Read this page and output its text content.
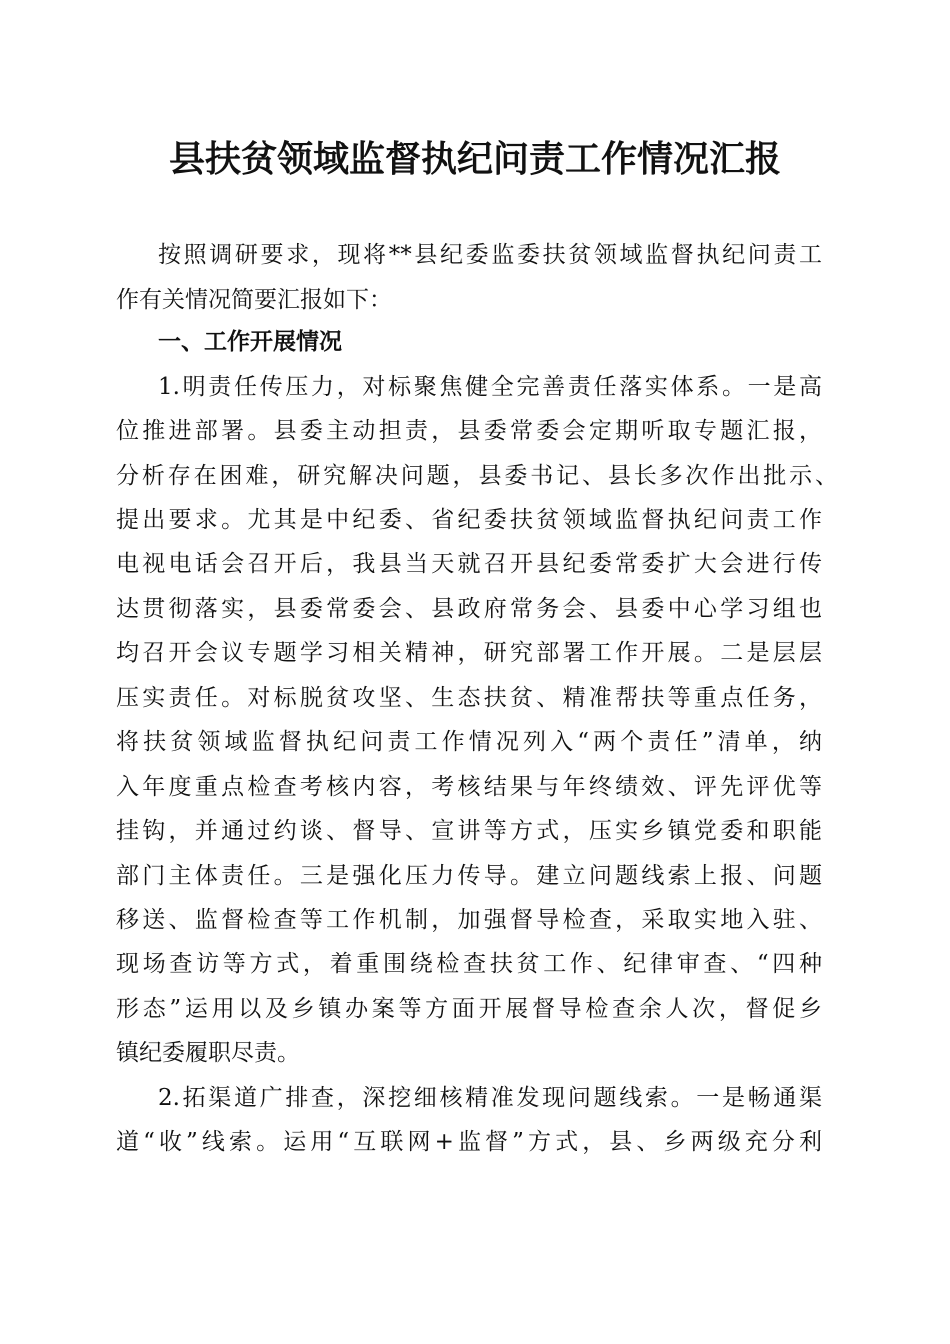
县扶贫领域监督执纪问责工作情况汇报
按照调研要求，现将**县纪委监委扶贫领域监督执纪问责工
作有关情况简要汇报如下：
一、工作开展情况
1.明责任传压力，对标聚焦健全完善责任落实体系。一是高
位推进部署。县委主动担责，县委常委会定期听取专题汇报，
分析存在困难，研究解决问题，县委书记、县长多次作出批示、
提出要求。尤其是中纪委、省纪委扶贫领域监督执纪问责工作
电视电话会召开后，我县当天就召开县纪委常委扩大会进行传
达贯彻落实，县委常委会、县政府常务会、县委中心学习组也
均召开会议专题学习相关精神，研究部署工作开展。二是层层
压实责任。对标脱贫攻坚、生态扶贫、精准帮扶等重点任务，
将扶贫领域监督执纪问责工作情况列入“两个责任”清单，纳
入年度重点检查考核内容，考核结果与年终绩效、评先评优等
挂钩，并通过约谈、督导、宣讲等方式，压实乡镇党委和职能
部门主体责任。三是强化压力传导。建立问题线索上报、问题
移送、监督检查等工作机制，加强督导检查，采取实地入驻、
现场查访等方式，着重围绕检查扶贫工作、纪律审查、“四种
形态”运用以及乡镇办案等方面开展督导检查余人次，督促乡
镇纪委履职尽责。
2.拓渠道广排查，深挖细核精准发现问题线索。一是畅通渠
道“收”线索。运用“互联网+监督”方式，县、乡两级充分利
